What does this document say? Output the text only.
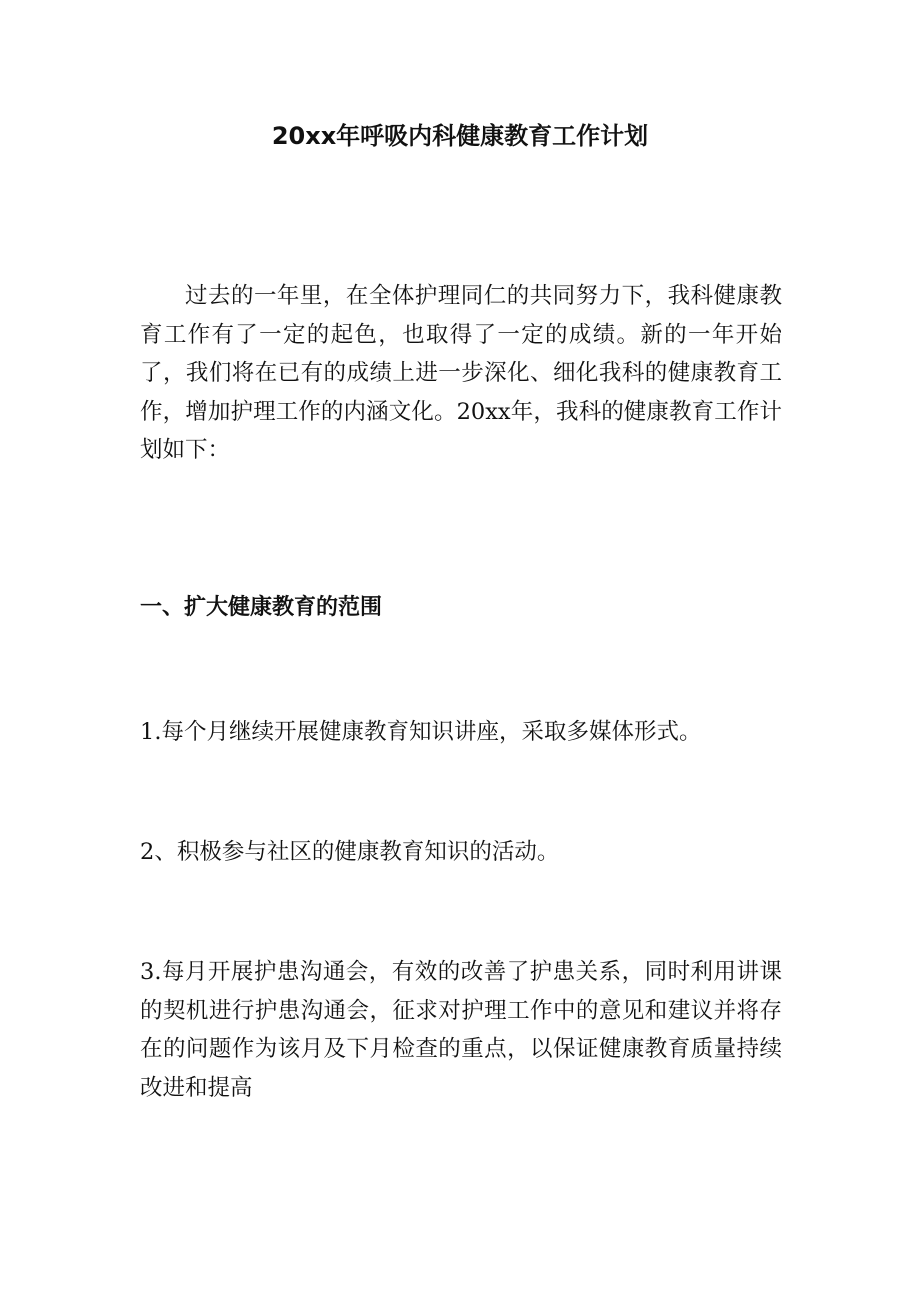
20xx年呼吸内科健康教育工作计划

过去的一年里，在全体护理同仁的共同努力下，我科健康教育工作有了一定的起色，也取得了一定的成绩。新的一年开始了，我们将在已有的成绩上进一步深化、细化我科的健康教育工作，增加护理工作的内涵文化。20xx年，我科的健康教育工作计划如下：

一、扩大健康教育的范围

1.每个月继续开展健康教育知识讲座，采取多媒体形式。

2、积极参与社区的健康教育知识的活动。

3.每月开展护患沟通会，有效的改善了护患关系，同时利用讲课的契机进行护患沟通会，征求对护理工作中的意见和建议并将存在的问题作为该月及下月检查的重点，以保证健康教育质量持续改进和提高
